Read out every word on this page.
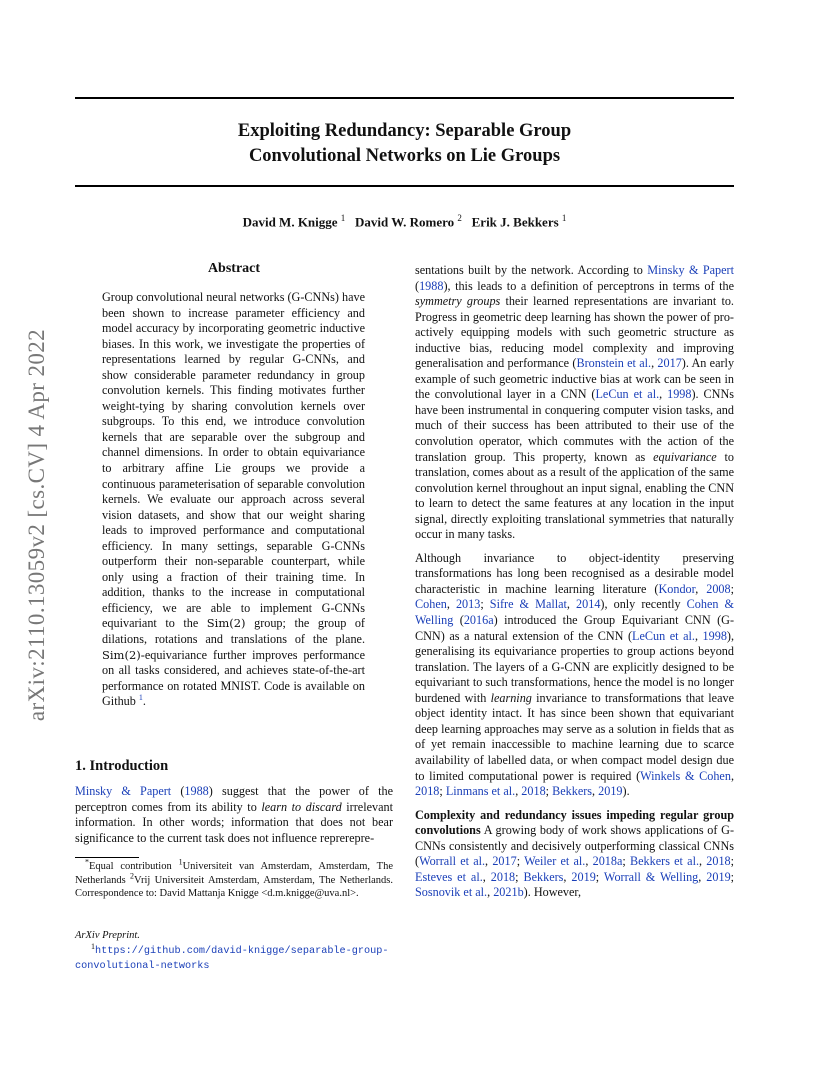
Exploiting Redundancy: Separable Group
Convolutional Networks on Lie Groups
David M. Knigge $^1$ David W. Romero $^2$ Erik J. Bekkers $^1$
arXiv:2110.13059v2 [cs.CV] 4 Apr 2022
Abstract

Group convolutional neural networks (G-CNNs) have been shown to increase parameter efficiency and model accuracy by incorporating geometric inductive biases. In this work, we investigate the properties of representations learned by regular G-CNNs, and show considerable parameter redundancy in group convolution kernels. This finding motivates further weight-tying by sharing convolution kernels over subgroups. To this end, we introduce convolution kernels that are separable over the subgroup and channel dimensions. In order to obtain equivariance to arbitrary affine Lie groups we provide a continuous parameterisation of separable convolution kernels. We evaluate our approach across several vision datasets, and show that our weight sharing leads to improved performance and computational efficiency. In many settings, separable G-CNNs outperform their non-separable counterpart, while only using a fraction of their training time. In addition, thanks to the increase in computational efficiency, we are able to implement G-CNNs equivariant to the Sim(2) group; the group of dilations, rotations and translations of the plane. Sim(2)-equivariance further improves performance on all tasks considered, and achieves state-of-the-art performance on rotated MNIST. Code is available on Github $^1$.

1. Introduction

Minsky & Papert (1988) suggest that the power of the perceptron comes from its ability to learn to discard irrelevant information. In other words; information that does not bear significance to the current task does not influence reprerepre-

*Equal contribution $^1$Universiteit van Amsterdam, Amsterdam, The Netherlands $^2$Vrij Universiteit Amsterdam, Amsterdam, The Netherlands. Correspondence to: David Mattanja Knigge <d.m.knigge@uva.nl>.

ArXiv Preprint.
$^1$https://github.com/david-knigge/separable-group-convolutional-networks

sentations built by the network. According to Minsky & Papert (1988), this leads to a definition of perceptrons in terms of the symmetry groups their learned representations are invariant to. Progress in geometric deep learning has shown the power of pro-actively equipping models with such geometric structure as inductive bias, reducing model complexity and improving generalisation and performance (Bronstein et al., 2017). An early example of such geometric inductive bias at work can be seen in the convolutional layer in a CNN (LeCun et al., 1998). CNNs have been instrumental in conquering computer vision tasks, and much of their success has been attributed to their use of the convolution operator, which commutes with the action of the translation group. This property, known as equivariance to translation, comes about as a result of the application of the same convolution kernel throughout an input signal, enabling the CNN to learn to detect the same features at any location in the input signal, directly exploiting translational symmetries that naturally occur in many tasks.

Although invariance to object-identity preserving transformations has long been recognised as a desirable model characteristic in machine learning literature (Kondor, 2008; Cohen, 2013; Sifre & Mallat, 2014), only recently Cohen & Welling (2016a) introduced the Group Equivariant CNN (G-CNN) as a natural extension of the CNN (LeCun et al., 1998), generalising its equivariance properties to group actions beyond translation. The layers of a G-CNN are explicitly designed to be equivariant to such transformations, hence the model is no longer burdened with learning invariance to transformations that leave object identity intact. It has since been shown that equivariant deep learning approaches may serve as a solution in fields that as of yet remain inaccessible to machine learning due to scarce availability of labelled data, or when compact model design due to limited computational power is required (Winkels & Cohen, 2018; Linmans et al., 2018; Bekkers, 2019).

Complexity and redundancy issues impeding regular group convolutions A growing body of work shows applications of G-CNNs consistently and decisively outperforming classical CNNs (Worrall et al., 2017; Weiler et al., 2018a; Bekkers et al., 2018; Esteves et al., 2018; Bekkers, 2019; Worrall & Welling, 2019; Sosnovik et al., 2021b). However,
